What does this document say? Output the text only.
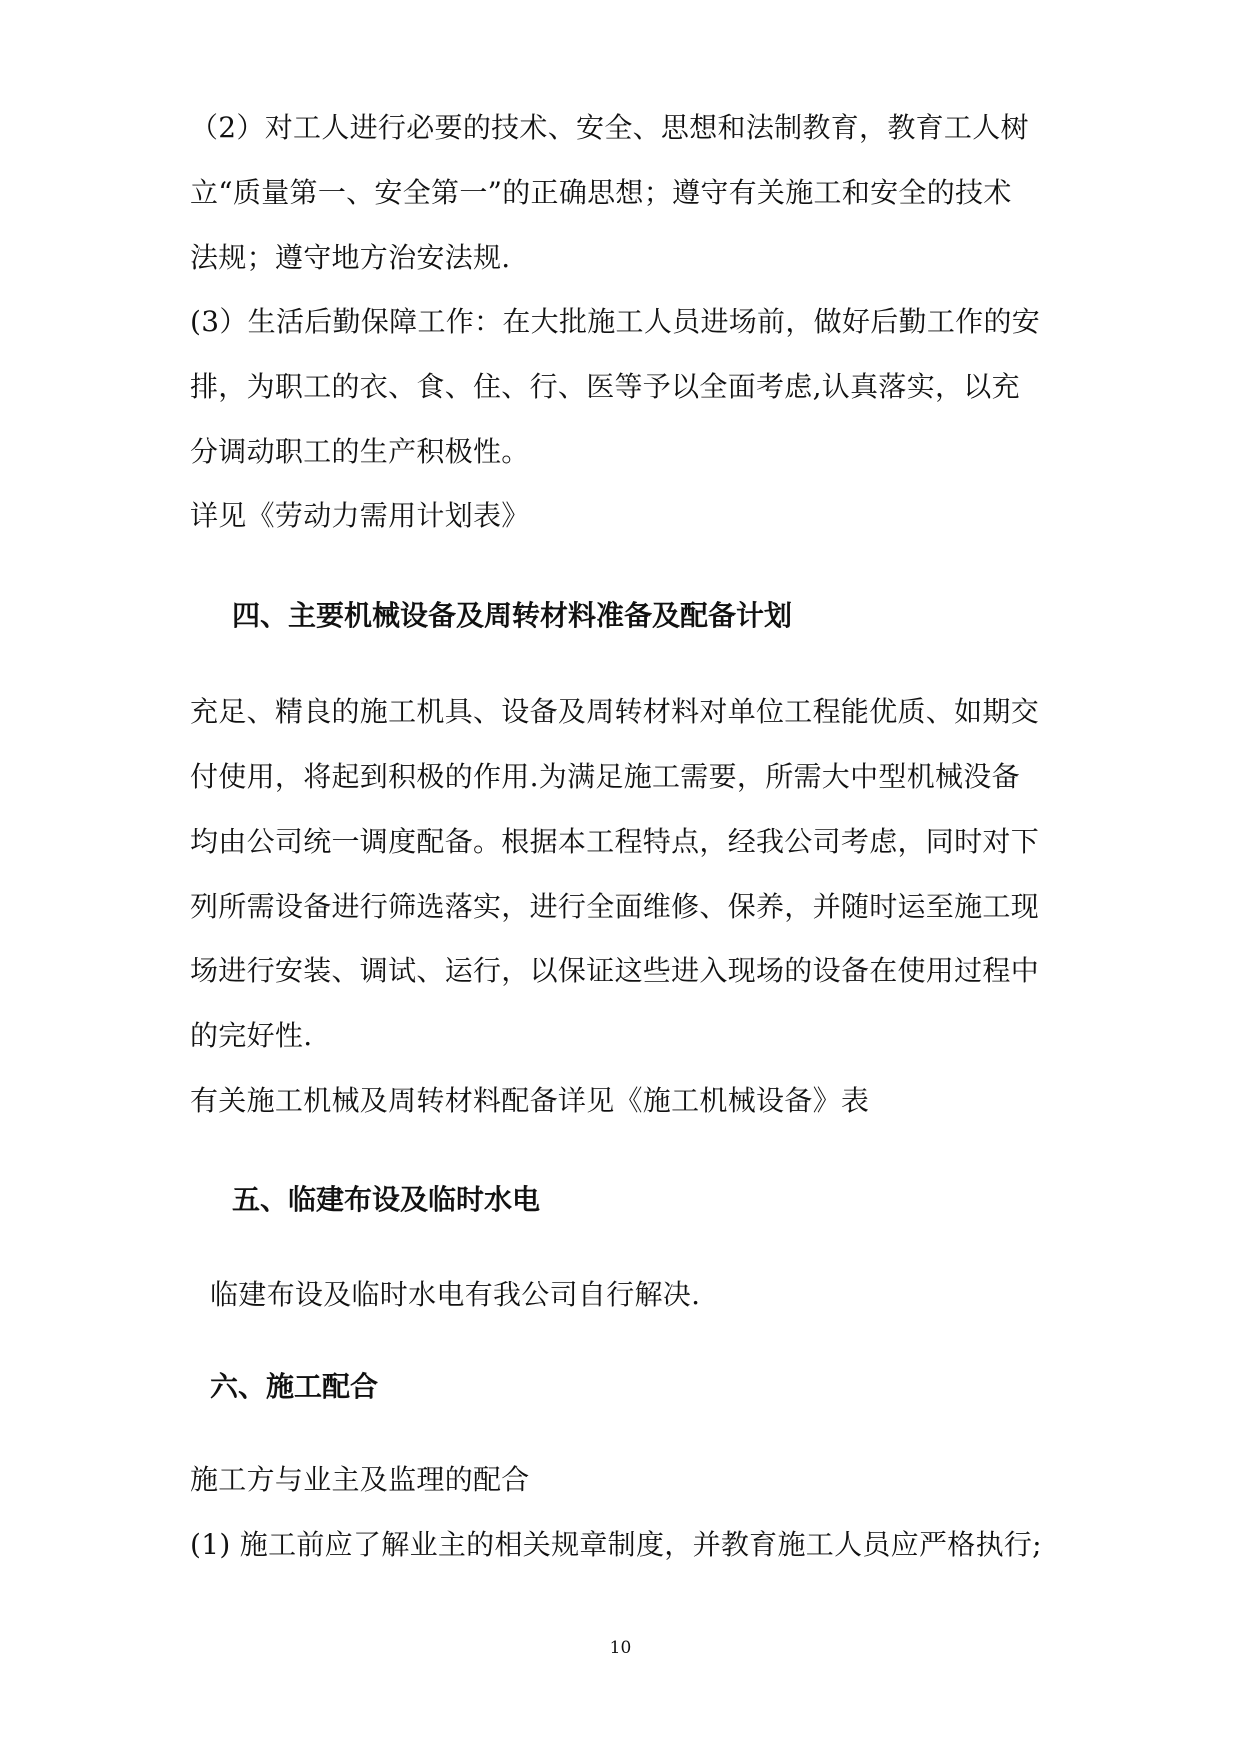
（2）对工人进行必要的技术、安全、思想和法制教育，教育工人树
立“质量第一、安全第一”的正确思想；遵守有关施工和安全的技术
法规；遵守地方治安法规.
(3）生活后勤保障工作：在大批施工人员进场前，做好后勤工作的安
排，为职工的衣、食、住、行、医等予以全面考虑,认真落实，以充
分调动职工的生产积极性。
详见《劳动力需用计划表》
四、主要机械设备及周转材料准备及配备计划
充足、精良的施工机具、设备及周转材料对单位工程能优质、如期交
付使用，将起到积极的作用.为满足施工需要，所需大中型机械没备
均由公司统一调度配备。根据本工程特点，经我公司考虑，同时对下
列所需设备进行筛选落实，进行全面维修、保养，并随时运至施工现
场进行安装、调试、运行，以保证这些进入现场的设备在使用过程中
的完好性.
有关施工机械及周转材料配备详见《施工机械设备》表
五、临建布设及临时水电
临建布设及临时水电有我公司自行解决.
六、施工配合
施工方与业主及监理的配合
(1) 施工前应了解业主的相关规章制度，并教育施工人员应严格执行;
10
